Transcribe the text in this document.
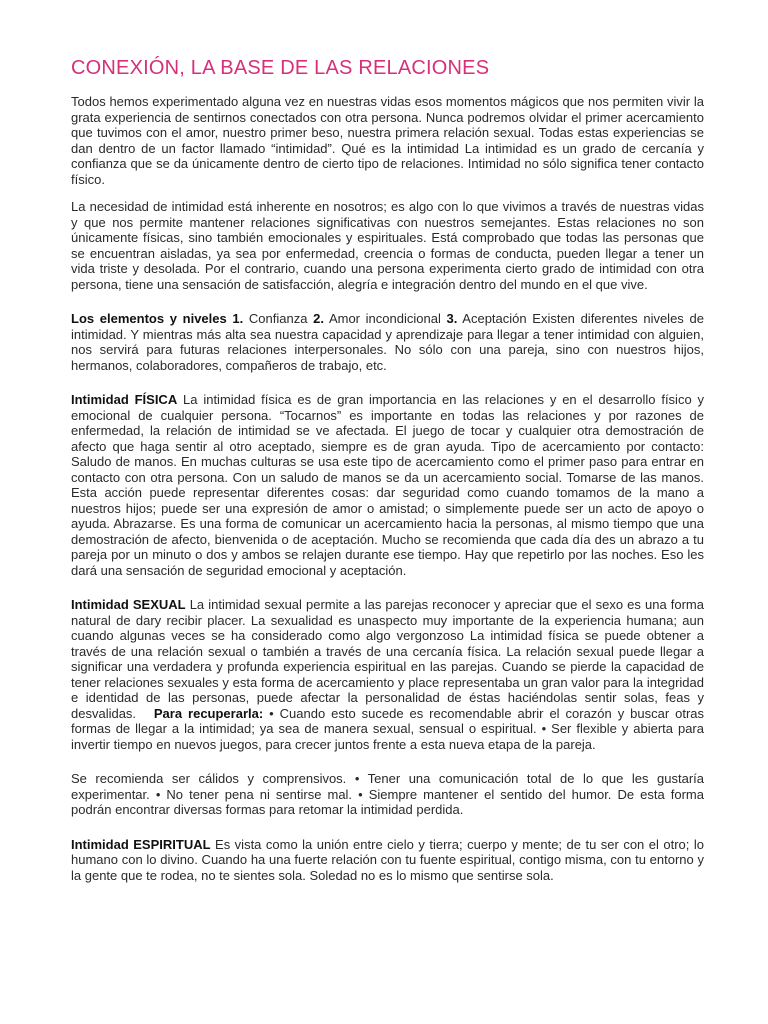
CONEXIÓN, LA BASE DE LAS RELACIONES

Todos hemos experimentado alguna vez en nuestras vidas esos momentos mágicos que nos permiten vivir la grata experiencia de sentirnos conectados con otra persona. Nunca podremos olvidar el primer acercamiento que tuvimos con el amor, nuestro primer beso, nuestra primera relación sexual. Todas estas experiencias se dan dentro de un factor llamado “intimidad”. Qué es la intimidad La intimidad es un grado de cercanía y confianza que se da únicamente dentro de cierto tipo de relaciones. Intimidad no sólo significa tener contacto físico.

La necesidad de intimidad está inherente en nosotros; es algo con lo que vivimos a través de nuestras vidas y que nos permite mantener relaciones significativas con nuestros semejantes. Estas relaciones no son únicamente físicas, sino también emocionales y espirituales. Está comprobado que todas las personas que se encuentran aisladas, ya sea por enfermedad, creencia o formas de conducta, pueden llegar a tener un vida triste y desolada. Por el contrario, cuando una persona experimenta cierto grado de intimidad con otra persona, tiene una sensación de satisfacción, alegría e integración dentro del mundo en el que vive.

Los elementos y niveles 1. Confianza 2. Amor incondicional 3. Aceptación Existen diferentes niveles de intimidad. Y mientras más alta sea nuestra capacidad y aprendizaje para llegar a tener intimidad con alguien, nos servirá para futuras relaciones interpersonales. No sólo con una pareja, sino con nuestros hijos, hermanos, colaboradores, compañeros de trabajo, etc.

Intimidad FÍSICA La intimidad física es de gran importancia en las relaciones y en el desarrollo físico y emocional de cualquier persona. “Tocarnos” es importante en todas las relaciones y por razones de enfermedad, la relación de intimidad se ve afectada. El juego de tocar y cualquier otra demostración de afecto que haga sentir al otro aceptado, siempre es de gran ayuda. Tipo de acercamiento por contacto: Saludo de manos. En muchas culturas se usa este tipo de acercamiento como el primer paso para entrar en contacto con otra persona. Con un saludo de manos se da un acercamiento social. Tomarse de las manos. Esta acción puede representar diferentes cosas: dar seguridad como cuando tomamos de la mano a nuestros hijos; puede ser una expresión de amor o amistad; o simplemente puede ser un acto de apoyo o ayuda. Abrazarse. Es una forma de comunicar un acercamiento hacia la personas, al mismo tiempo que una demostración de afecto, bienvenida o de aceptación. Mucho se recomienda que cada día des un abrazo a tu pareja por un minuto o dos y ambos se relajen durante ese tiempo. Hay que repetirlo por las noches. Eso les dará una sensación de seguridad emocional y aceptación.

Intimidad SEXUAL La intimidad sexual permite a las parejas reconocer y apreciar que el sexo es una forma natural de dary recibir placer. La sexualidad es unaspecto muy importante de la experiencia humana; aun cuando algunas veces se ha considerado como algo vergonzoso La intimidad física se puede obtener a través de una relación sexual o también a través de una cercanía física. La relación sexual puede llegar a significar una verdadera y profunda experiencia espiritual en las parejas. Cuando se pierde la capacidad de tener relaciones sexuales y esta forma de acercamiento y place representaba un gran valor para la integridad e identidad de las personas, puede afectar la personalidad de éstas haciéndolas sentir solas, feas y desvalidas. Para recuperarla: • Cuando esto sucede es recomendable abrir el corazón y buscar otras formas de llegar a la intimidad; ya sea de manera sexual, sensual o espiritual. • Ser flexible y abierta para invertir tiempo en nuevos juegos, para crecer juntos frente a esta nueva etapa de la pareja.

Se recomienda ser cálidos y comprensivos. • Tener una comunicación total de lo que les gustaría experimentar. • No tener pena ni sentirse mal. • Siempre mantener el sentido del humor. De esta forma podrán encontrar diversas formas para retomar la intimidad perdida.

Intimidad ESPIRITUAL Es vista como la unión entre cielo y tierra; cuerpo y mente; de tu ser con el otro; lo humano con lo divino. Cuando ha una fuerte relación con tu fuente espiritual, contigo misma, con tu entorno y la gente que te rodea, no te sientes sola. Soledad no es lo mismo que sentirse sola.
